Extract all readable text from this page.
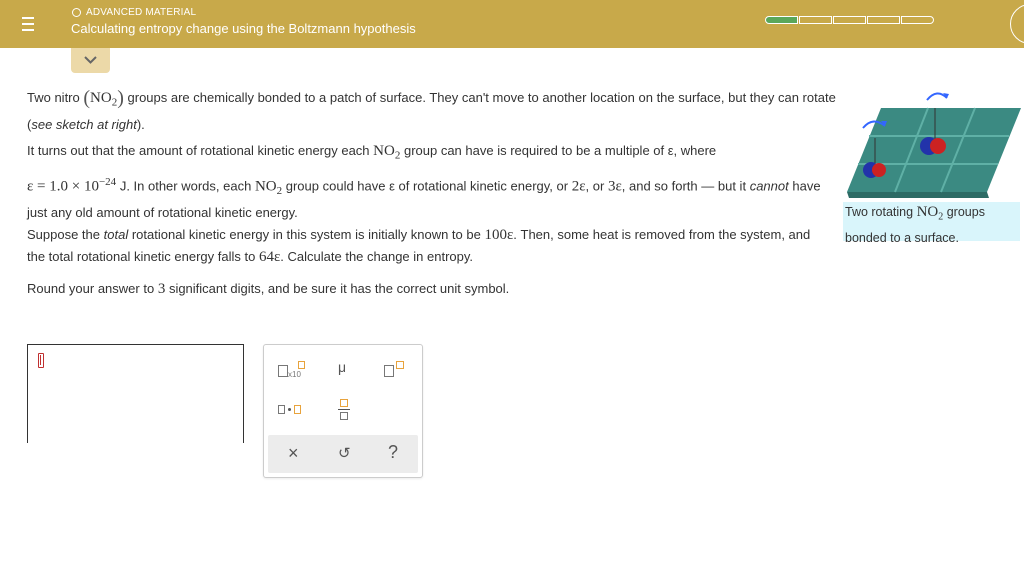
ADVANCED MATERIAL
Calculating entropy change using the Boltzmann hypothesis
Two nitro $(NO_2)$ groups are chemically bonded to a patch of surface. They can't move to another location on the surface, but they can rotate (see sketch at right).
It turns out that the amount of rotational kinetic energy each $NO_2$ group can have is required to be a multiple of ε, where
$\varepsilon = 1.0 \times 10^{-24}$ J. In other words, each $NO_2$ group could have ε of rotational kinetic energy, or 2ε, or 3ε, and so forth — but it cannot have just any old amount of rotational kinetic energy.
Suppose the total rotational kinetic energy in this system is initially known to be 100ε. Then, some heat is removed from the system, and the total rotational kinetic energy falls to 64ε. Calculate the change in entropy.
Round your answer to 3 significant digits, and be sure it has the correct unit symbol.
Two rotating $NO_2$ groups bonded to a surface.
x10	μ
×	↺ ?
